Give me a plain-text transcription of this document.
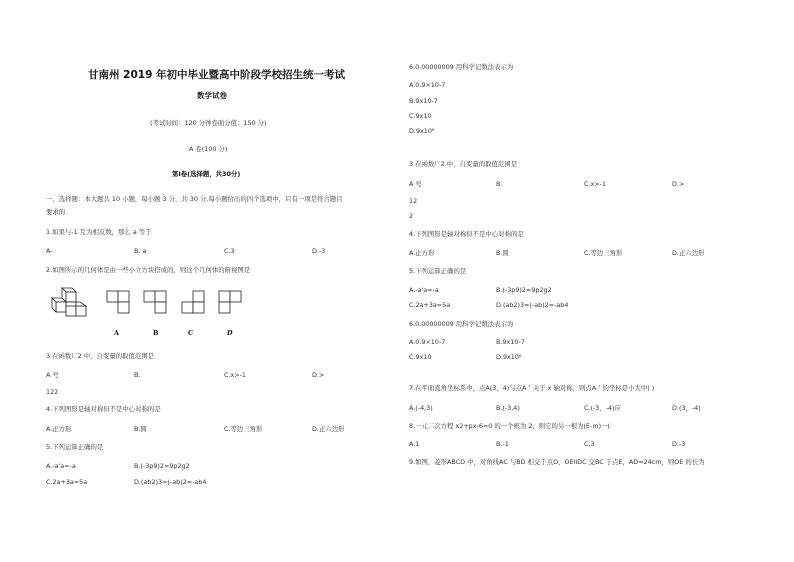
甘南州 2019 年初中毕业暨高中阶段学校招生统一考试
数学试卷
(考试时间：120 分钟卷面分值：150 分)
A 卷(100 分)
第Ⅰ卷(选择题，共30分)
一、选择题：本大题共 10 小题，每小题 3 分，共 30 分.每小题给出的四个选项中，只有一项是符合题目
要求的.
1.如果与-1 互为相反数，那么 a 等于
A-	B. a	C.3	D.-3
2.如图所示的几何体是由一些小立方块搭成的，则这个几何体的俯视图是
A	B	C	D
3 在函数厂2 中，自变量的取值范围是
A 号	B.	C.x>-1	D.>
122
4.下列图形是轴对称但不是中心对称的是
A.正方形	B.圆	C.等边三角形	D.正六边形
5.下列运算正确的是
A.-a'a=-a	B.(-3p9)2=9p2g2
C.2a+3a=5a	D.(ab2)3=(-ab)2=-ab4
6.0.00000009 用科学记数法表示为
A.0.9×10-7
B.9x10-7
C.9x10
D.9x10⁸
3 在函数厂2 中，自变量的取值范围是
A 号	B.	C.x>-1	D.>
12
2
4.下列图形是轴对称但不是中心对称的是
A.正方形	B.圆	C.等边三角形	D.正六边形
5.下列运算正确的是
A.-a'a=-a	B.(-3p9)2=9p2g2
C.2a+3a=5a	D.(ab2)3=(-ab)2=-ab4
6.0.00000009 用科学记数法表示为
A.0.9×10-7	B.9x10-7
C.9x10	D.9x10⁸
7.在平面直角坐标系中，点A(3，4)与点A＇关于 x 轴对称，则点A＇的坐标是小大中( )
A.(-4,3)	B.(-3,4)	C.(-3，-4)应	D.(3，-4)
8.一元二次方程 x2+px-6=0 的一个根为 2，则它的另一根为(E-m)一(
A.1	B.-1	C.3	D.-3
9.如图，菱形ABCD 中，对角线AC 与BD 相交于点O，OEilDC 交BC 于点E，AD=24cm，则OE 的长为
